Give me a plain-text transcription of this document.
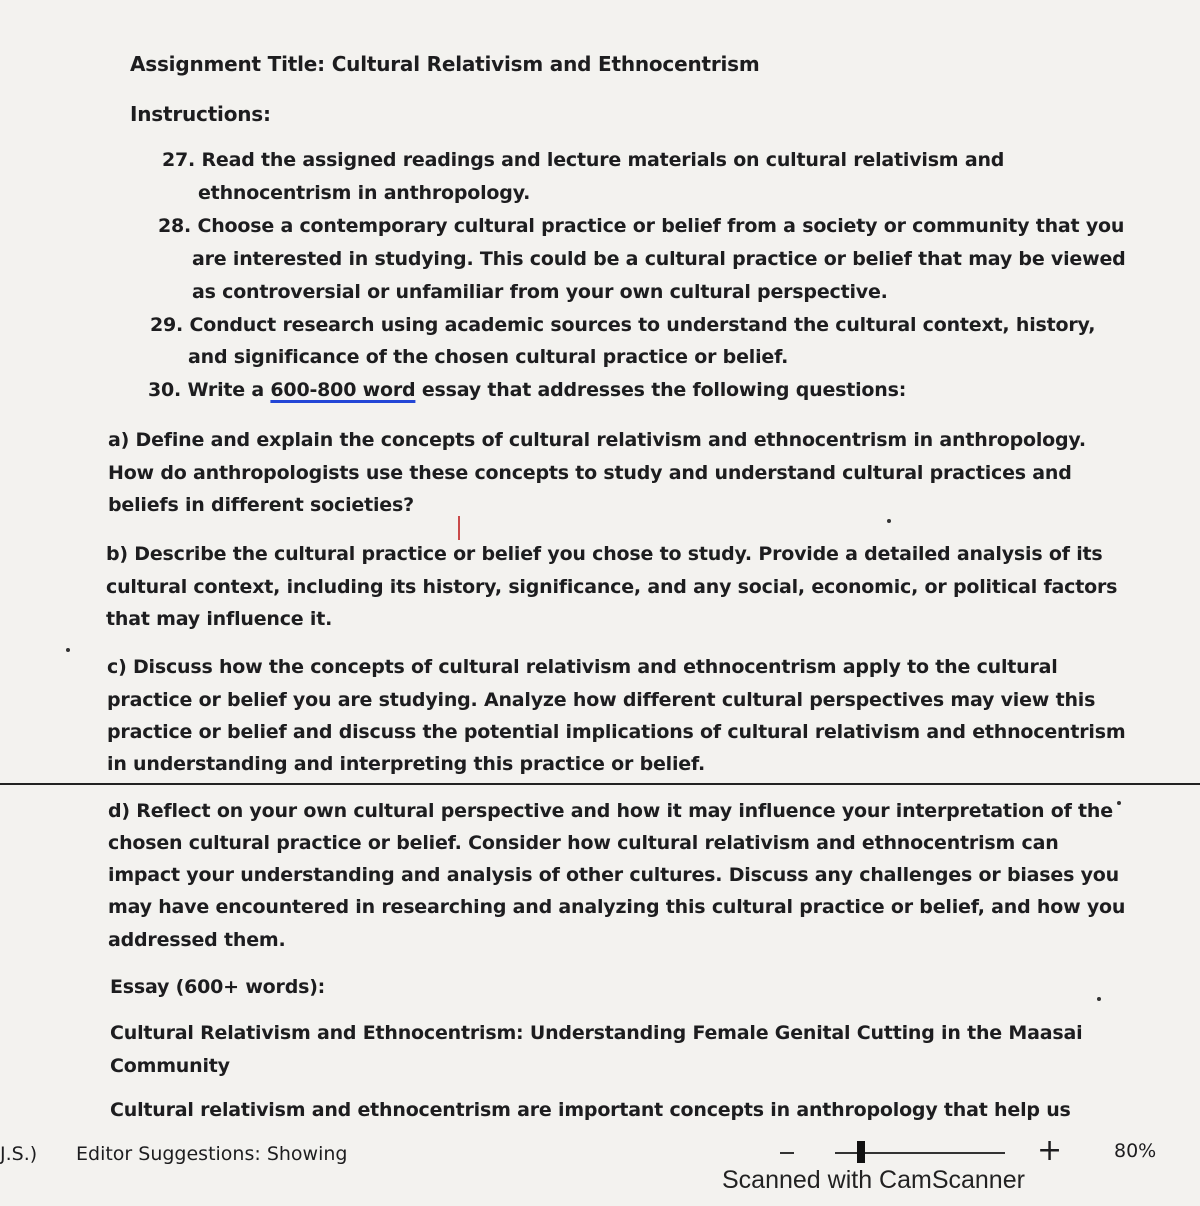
Assignment Title: Cultural Relativism and Ethnocentrism
Instructions:
27. Read the assigned readings and lecture materials on cultural relativism and
ethnocentrism in anthropology.
28. Choose a contemporary cultural practice or belief from a society or community that you
are interested in studying. This could be a cultural practice or belief that may be viewed
as controversial or unfamiliar from your own cultural perspective.
29. Conduct research using academic sources to understand the cultural context, history,
and significance of the chosen cultural practice or belief.
30. Write a 600-800 word essay that addresses the following questions:
a) Define and explain the concepts of cultural relativism and ethnocentrism in anthropology.
How do anthropologists use these concepts to study and understand cultural practices and
beliefs in different societies?
b) Describe the cultural practice or belief you chose to study. Provide a detailed analysis of its
cultural context, including its history, significance, and any social, economic, or political factors
that may influence it.
c) Discuss how the concepts of cultural relativism and ethnocentrism apply to the cultural
practice or belief you are studying. Analyze how different cultural perspectives may view this
practice or belief and discuss the potential implications of cultural relativism and ethnocentrism
in understanding and interpreting this practice or belief.
d) Reflect on your own cultural perspective and how it may influence your interpretation of the
chosen cultural practice or belief. Consider how cultural relativism and ethnocentrism can
impact your understanding and analysis of other cultures. Discuss any challenges or biases you
may have encountered in researching and analyzing this cultural practice or belief, and how you
addressed them.
Essay (600+ words):
Cultural Relativism and Ethnocentrism: Understanding Female Genital Cutting in the Maasai
Community
Cultural relativism and ethnocentrism are important concepts in anthropology that help us
J.S.) Editor Suggestions: Showing	+	80%
Scanned with CamScanner
